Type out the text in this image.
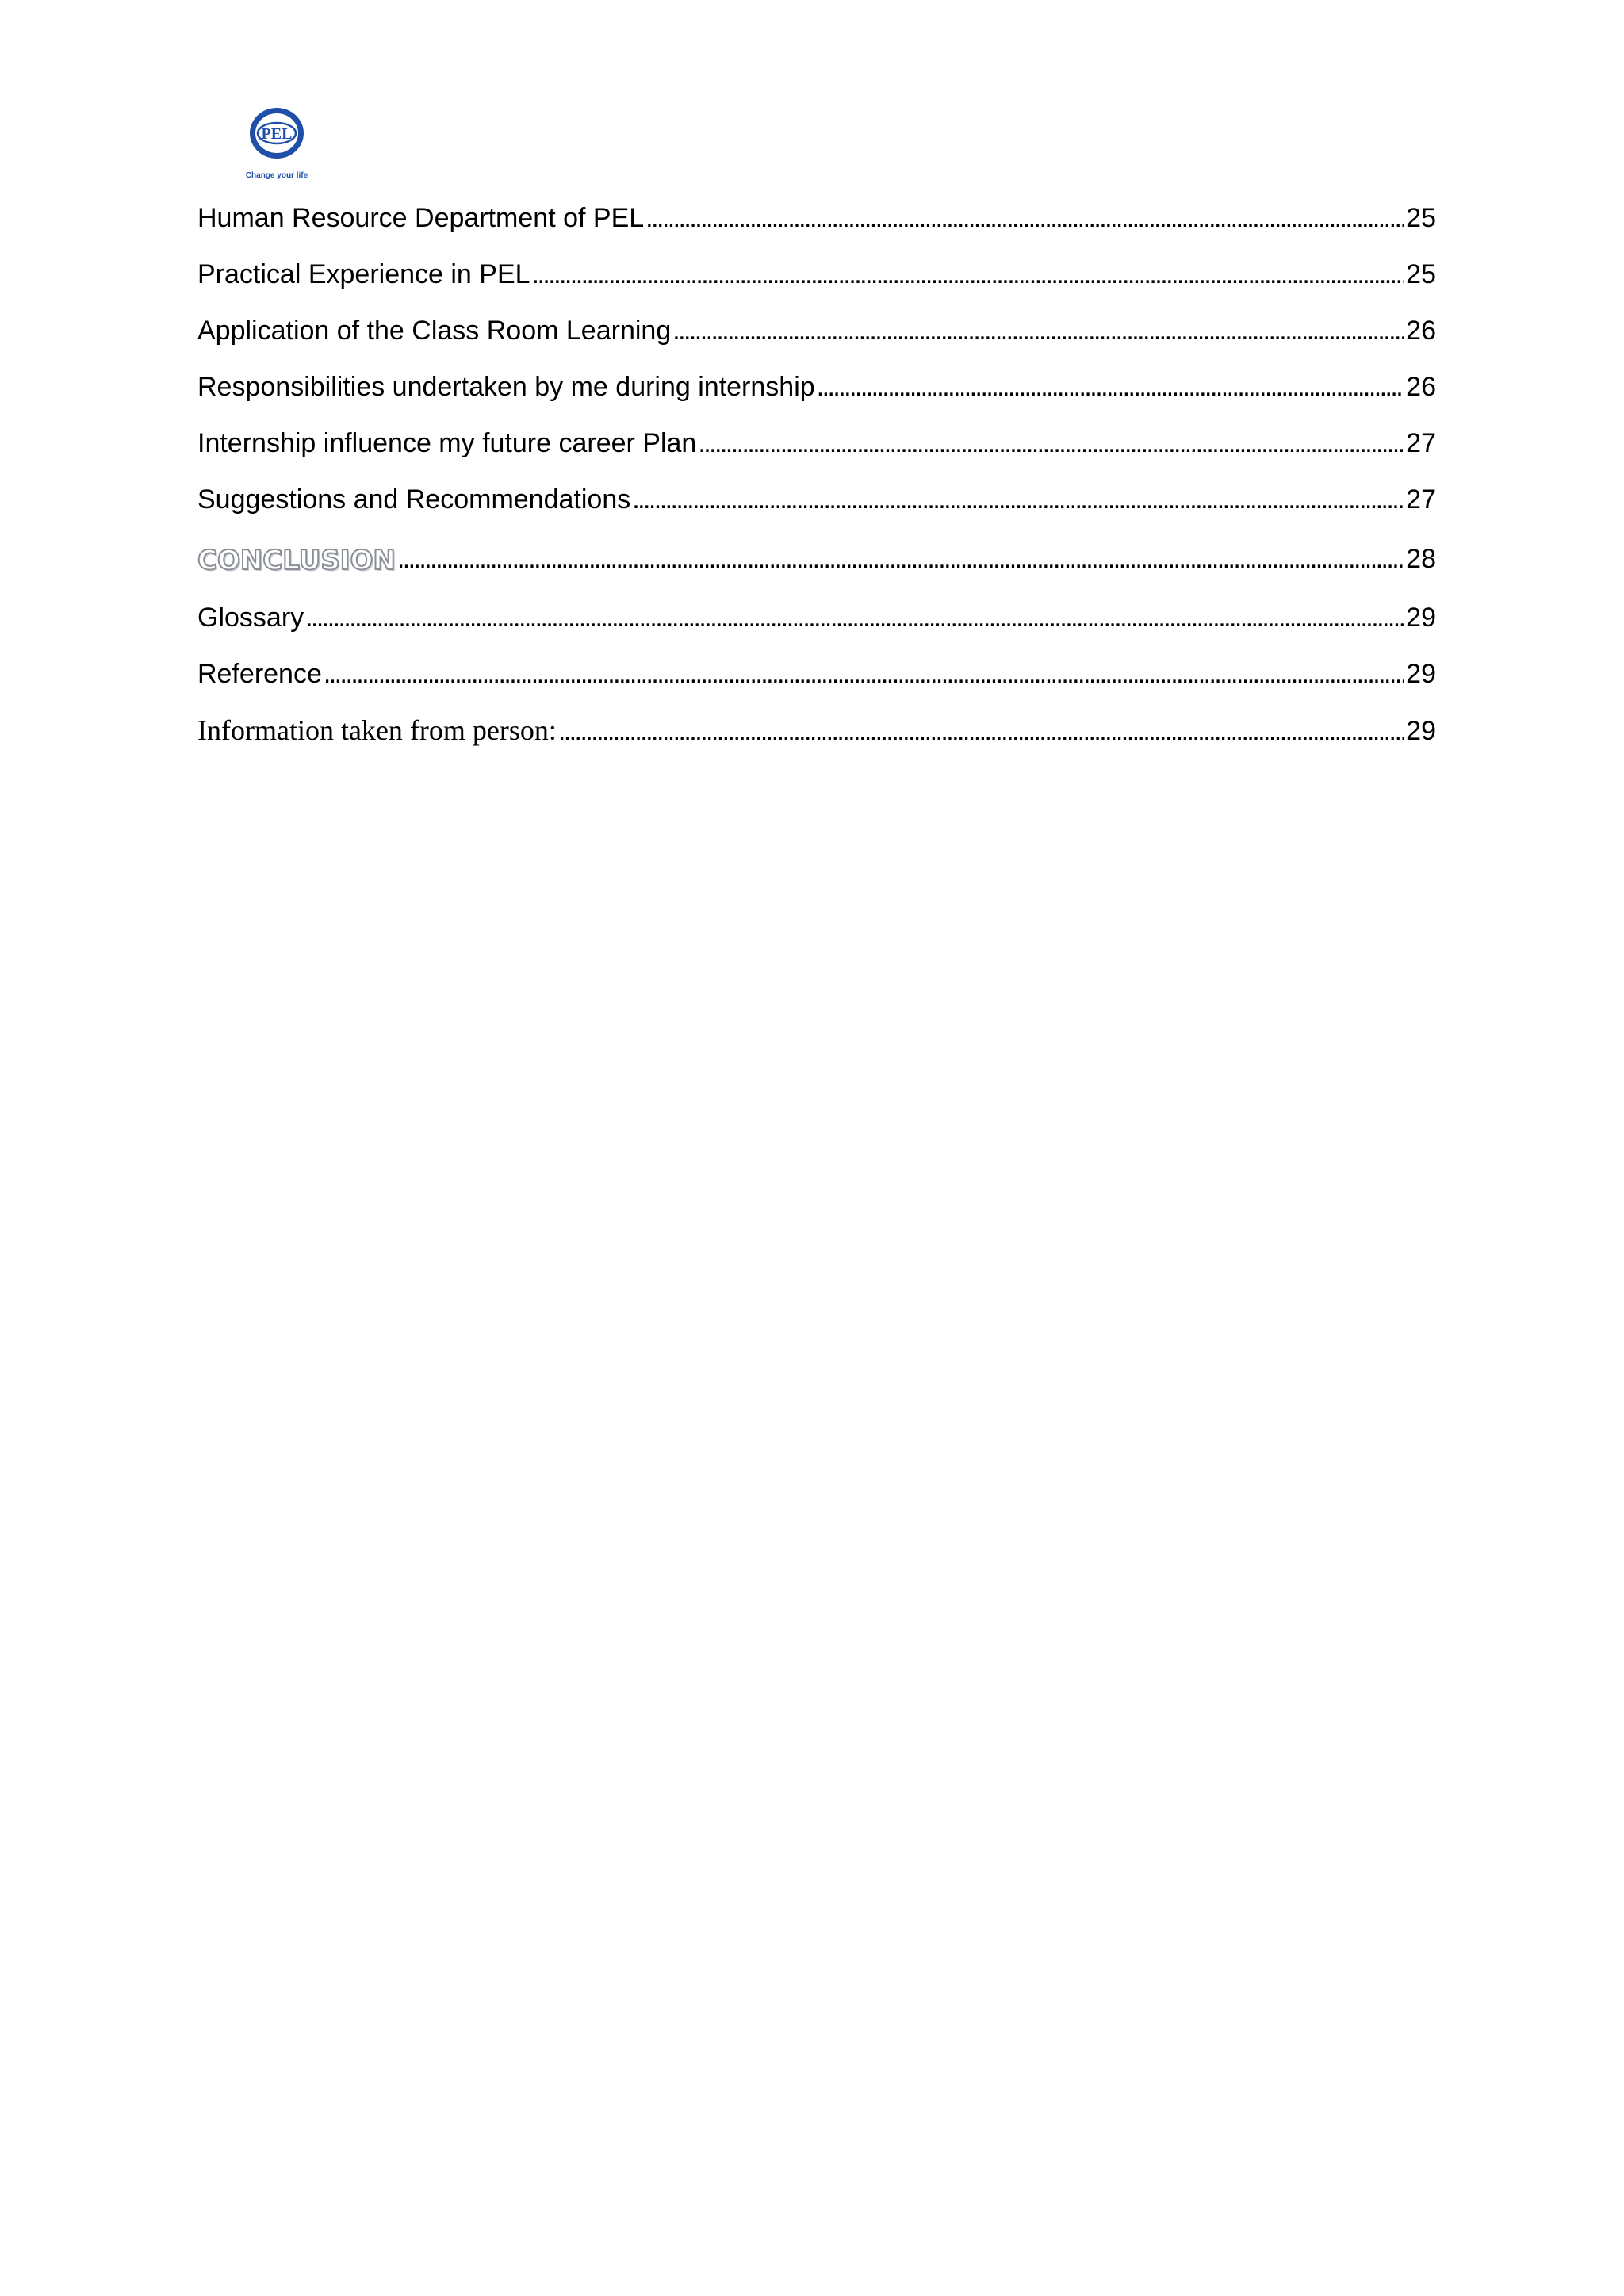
PEL
Change your life
Human Resource Department of PEL . . .	25
Practical Experience in PEL . . .	25
Application of the Class Room Learning . . .	26
Responsibilities undertaken by me during internship . . .	26
Internship influence my future career Plan . . .	27
Suggestions and Recommendations . . .	27
CONCLUSION . . .	28
Glossary . . .	29
Reference . . .	29
Information taken from person: . . .	29
